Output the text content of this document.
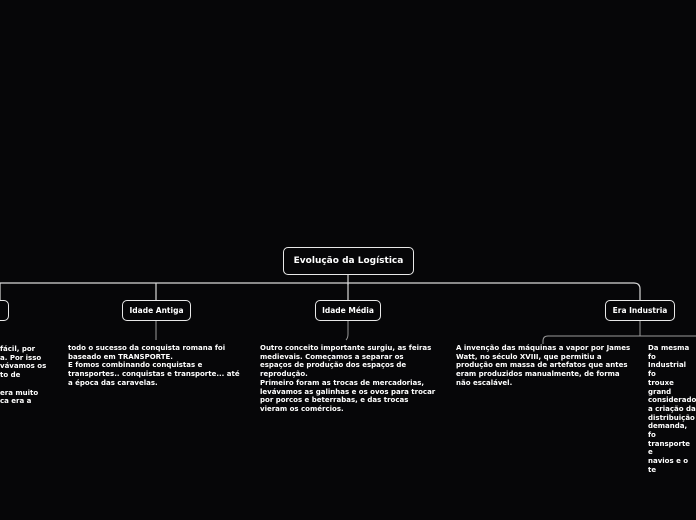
Evolução da Logística
Idade Antiga	Idade Média	Era Industria
fácil, por
a. Por isso
vávamos os
to de

era muito
ca era a
todo o sucesso da conquista romana foi
baseado em TRANSPORTE.
E fomos combinando conquistas e
transportes.. conquistas e transporte... até
a época das caravelas.
Outro conceito importante surgiu, as feiras
medievais. Começamos a separar os
espaços de produção dos espaços de
reprodução.
Primeiro foram as trocas de mercadorias,
levávamos as galinhas e os ovos para trocar
por porcos e beterrabas, e das trocas
vieram os comércios.
A invenção das máquinas a vapor por James
Watt, no século XVIII, que permitiu a
produção em massa de artefatos que antes
eram produzidos manualmente, de forma
não escalável.
Da mesma fo
Industrial fo
trouxe grand
considerado
a criação da
distribuição
demanda, fo
transporte e
navios e o te
